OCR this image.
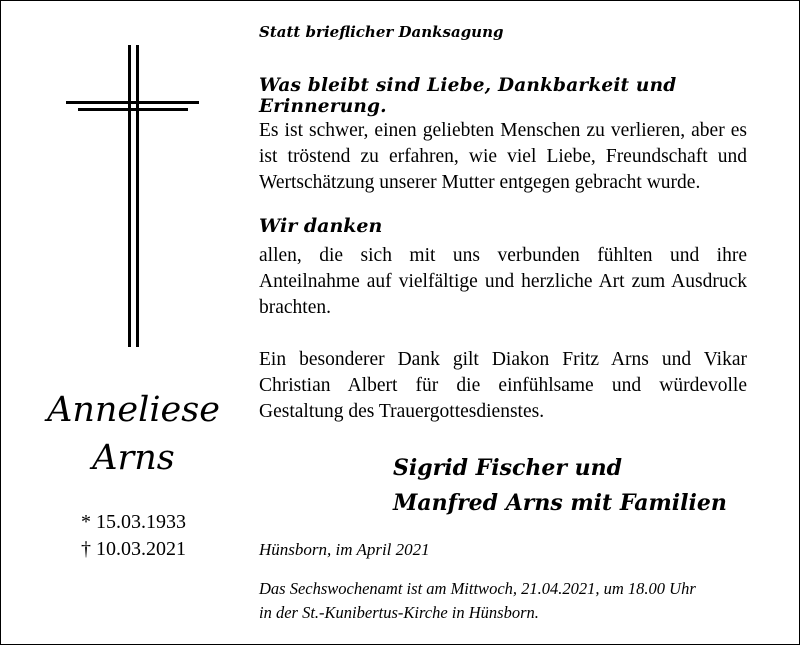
Anneliese
Arns
* 15.03.1933
† 10.03.2021
Statt brieflicher Danksagung
Was bleibt sind Liebe, Dankbarkeit und Erinnerung.
Es ist schwer, einen geliebten Menschen zu verlieren, aber es ist tröstend zu erfahren, wie viel Liebe, Freundschaft und Wertschätzung unserer Mutter entgegen gebracht wurde.
Wir danken
allen, die sich mit uns verbunden fühlten und ihre Anteilnahme auf vielfältige und herzliche Art zum Ausdruck brachten.
Ein besonderer Dank gilt Diakon Fritz Arns und Vikar Christian Albert für die einfühlsame und würdevolle Gestaltung des Trauergottesdienstes.
Sigrid Fischer und
Manfred Arns mit Familien
Hünsborn, im April 2021
Das Sechswochenamt ist am Mittwoch, 21.04.2021, um 18.00 Uhr
in der St.-Kunibertus-Kirche in Hünsborn.
